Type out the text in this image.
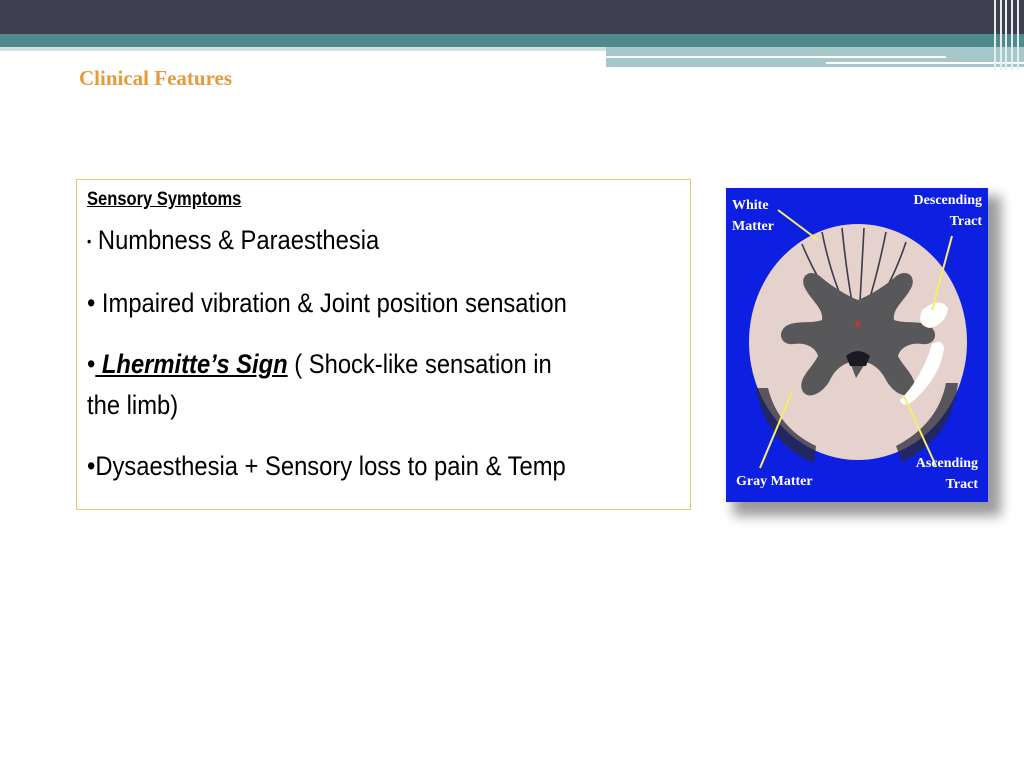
Clinical Features
Sensory Symptoms
• Numbness & Paraesthesia
• Impaired vibration & Joint position sensation
• Lhermitte’s Sign ( Shock-like sensation in
the limb)
•Dysaesthesia + Sensory loss to pain & Temp
White
Matter
Descending
Tract
Gray Matter
Ascending
Tract
